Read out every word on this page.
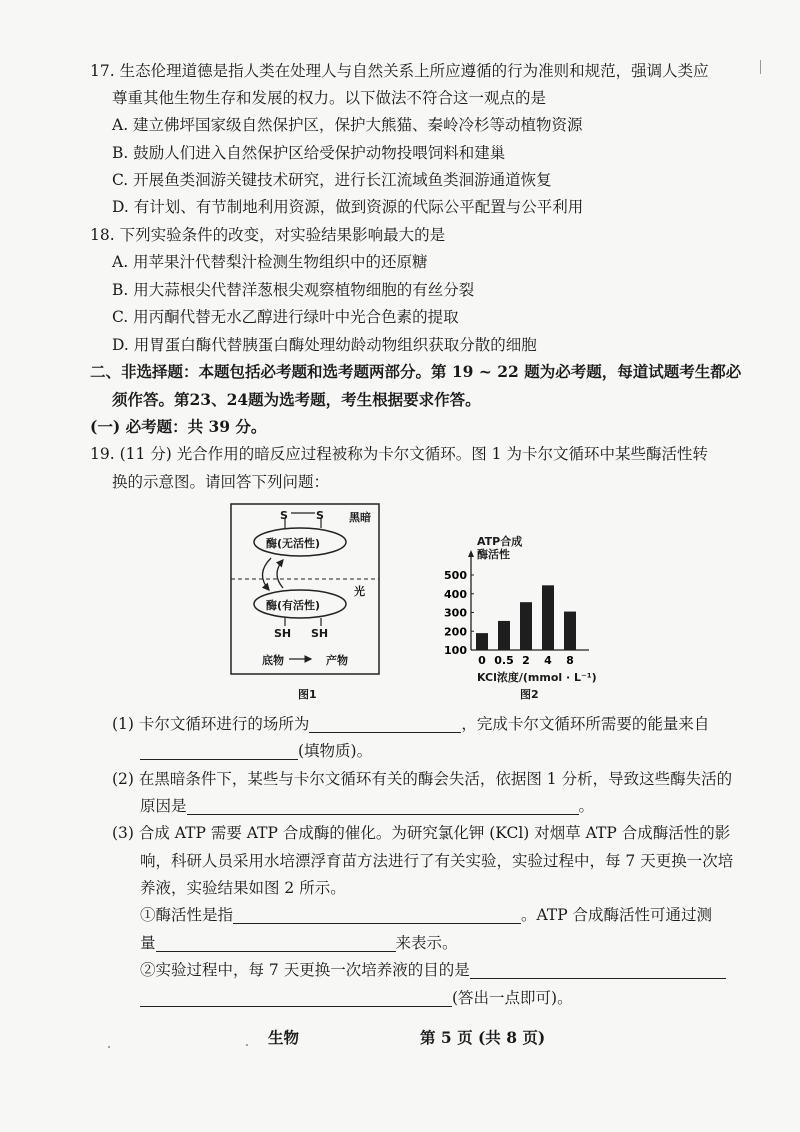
17. 生态伦理道德是指人类在处理人与自然关系上所应遵循的行为准则和规范，强调人类应
尊重其他生物生存和发展的权力。以下做法不符合这一观点的是
A. 建立佛坪国家级自然保护区，保护大熊猫、秦岭冷杉等动植物资源
B. 鼓励人们进入自然保护区给受保护动物投喂饲料和建巢
C. 开展鱼类洄游关键技术研究，进行长江流域鱼类洄游通道恢复
D. 有计划、有节制地利用资源，做到资源的代际公平配置与公平利用
18. 下列实验条件的改变，对实验结果影响最大的是
A. 用苹果汁代替梨汁检测生物组织中的还原糖
B. 用大蒜根尖代替洋葱根尖观察植物细胞的有丝分裂
C. 用丙酮代替无水乙醇进行绿叶中光合色素的提取
D. 用胃蛋白酶代替胰蛋白酶处理幼龄动物组织获取分散的细胞
二、非选择题：本题包括必考题和选考题两部分。第 19 ~ 22 题为必考题，每道试题考生都必
须作答。第23、24题为选考题，考生根据要求作答。
(一) 必考题：共 39 分。
19. (11 分) 光合作用的暗反应过程被称为卡尔文循环。图 1 为卡尔文循环中某些酶活性转
换的示意图。请回答下列问题：
S	S 黑暗
酶(无活性)
光
酶(有活性)
SH SH
底物	产物
图1
ATP合成
酶活性
100
200
300
400
500
0 0.5 2 4 8
KCl浓度/(mmol · L⁻¹)
图2
(1) 卡尔文循环进行的场所为	，完成卡尔文循环所需要的能量来自
(填物质)。
(2) 在黑暗条件下，某些与卡尔文循环有关的酶会失活，依据图 1 分析，导致这些酶失活的
原因是	。
(3) 合成 ATP 需要 ATP 合成酶的催化。为研究氯化钾 (KCl) 对烟草 ATP 合成酶活性的影
响，科研人员采用水培漂浮育苗方法进行了有关实验，实验过程中，每 7 天更换一次培
养液，实验结果如图 2 所示。
①酶活性是指	。ATP 合成酶活性可通过测
量	来表示。
②实验过程中，每 7 天更换一次培养液的目的是
(答出一点即可)。
生物	第 5 页 (共 8 页)
